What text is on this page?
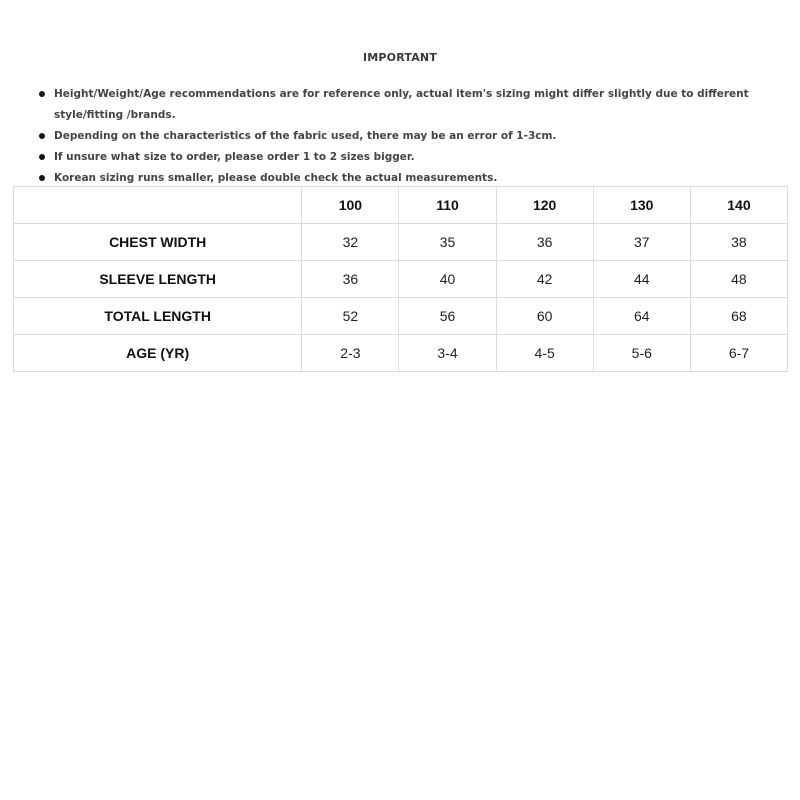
IMPORTANT
Height/Weight/Age recommendations are for reference only, actual item's sizing might differ slightly due to different style/fitting /brands.
Depending on the characteristics of the fabric used, there may be an error of 1-3cm.
If unsure what size to order, please order 1 to 2 sizes bigger.
Korean sizing runs smaller, please double check the actual measurements.
	100	110	120	130	140
CHEST WIDTH	32	35	36	37	38
SLEEVE LENGTH	36	40	42	44	48
TOTAL LENGTH	52	56	60	64	68
AGE (YR)	2-3	3-4	4-5	5-6	6-7
